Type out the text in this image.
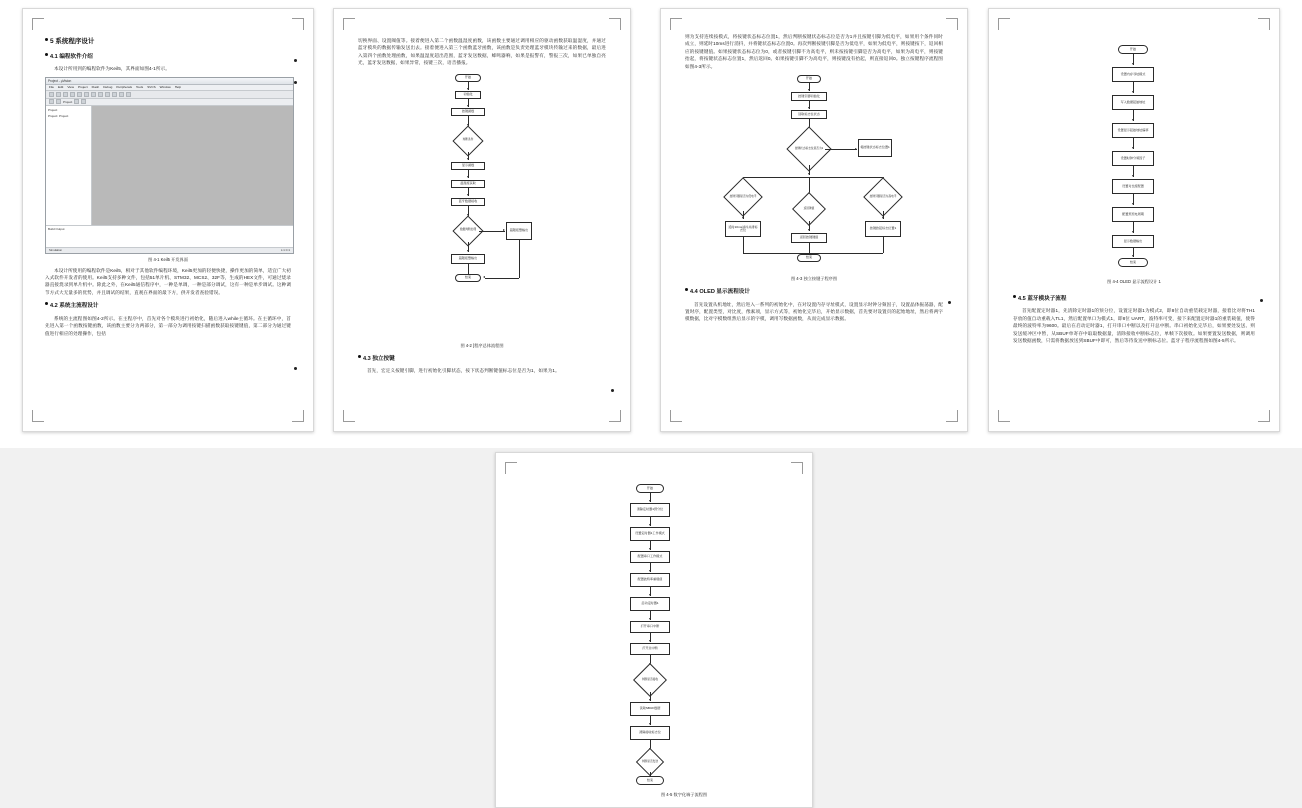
5 系统程序设计
4.1 编程软件介绍
本设计所用到的编程软件为Keil5，其界面如图4-1所示。
Project - µVision
File Edit View Project Flash Debug Peripherals Tools SVCS Window Help
Project
Project
Project: Project
Build Output
Simulation	L:1 C:1
图 4-1 Keil5 开发界面
本设计所使用的编程软件是Keil5，相对于其他软件编程环境，Keil5更加的轻便快捷，操作更加的简单，适宜广大初入式软件开发者的使用。Keil5支持多种文件，包括51单片机、STM32、MCS2、32F等，生成的HEX文件，可通过烧录器直接烧录到单片机中。除此之外，在Keil5通信程序中，一种是单调，一种是部分调试，这有一种是单步调试。这种调节方式大无量多的优势，并且调试的结果，直观在界面的最下方，供开发者查验错误。
4.2 系统主流程设计
系统的主流程图如图4-2所示。在主程序中，首先对各个模块进行初始化，随后进入while主循环。在主循环中，首先进入第一个函数按键函数，该函数主要分为两部分，第一部分为调用按键扫描函数获取按键键值，第二部分为通过键值进行相应的处理操作，包括
切换界面、设置阈值等。接着便进入第二个函数温湿度函数，该函数主要通过调用相应的驱动函数获取温湿度，并通过蓝牙模块的数据传输发送出去。接着便进入第三个函数蓝牙函数，该函数是负责处理蓝牙模块传输过来的数据，最后进入第四个函数处理函数，如果温湿度超出范围，蓝牙发送数据，蜂鸣器响，如果是报警有，警报三次，如果已单独自亮光，蓝牙发送数据，如果异常，按键三次，语音播报。
开始
初始化
按键函数
判断条件
显示函数
温湿度获取
蓝牙数据接收
数据判断处理	超限报警输出
超限报警输出
结束
图 4-2 [程序总体流程图
4.3 独立按键
首先，宏定义按键引脚，进行初始化引脚状态，按下状态判断键值标志位是否为1，如果为1。
则为支持连续按模式，将按键状态标志位置1，然后判断按键状态标志位是否为1并且按键引脚为低电平，如果用个条件同时成立，则延时10ms进行消抖，并将键状态标志位置0。再次判断按键引脚是否为低电平，如果为低电平，则按键按下，返回相应的按键键值。如果按键状态标志位为0，或者按键引脚不为高电平，则未按按键引脚是否为高电平，如果为高电平，则按键抬起，将按键状态标志位置1，然后返回0。如果按键引脚不为高电平，则按键没有抬起，则直接返回0。独立按键程序流程图如图4-3所示。
开始
按键引脚初始化
读取标志位状态
按键状态标志位是否为1	将按键状态标志位置1
按键引脚是否为低电平	按键引脚是否为高电平
延时10ms消抖并清标志位	按键抬起标志位置1
返回键值
返回按键键值
结束
图 4-3 独立按键子程序图
4.4 OLED 显示流程设计
首先设置从机地址，然后进入一系列的初始化中，在对设置内存寻址模式，设置显示时钟分频因子，设置晶体振荡器，配置时序，配置类型，对比度，像素项，显示方式等，初始化完毕后，开始显示数据，首先要对设置页的起始地址，然后将两字模数据，比对字模数组然后显示的字模，调用写数据函数，从而完成显示数据。
开始
设置内存寻址模式
写入数据起始地址
设置显示起始地址偏移
设置时钟分频因子
设置对比度配置
配置预充电周期
显示数据输出
结束
图 4-4 OLED 显示流程设计 1
4.5 蓝牙模块子流程
首先配置定时器1，先清除定时器1的预分位，设置定时器1为模式2，即8位自动重装载定时器，接着比对将TH1存放的值自动重载入TL1，然后配置单口为模式1，即8位 UART，波特率可变，接下来配置定时器1的重装载值，使得最终的波特率为9600。最后在启动定时器1，打开串口中断以及打开总中断。串口初始化完毕后，如果要处发送、则发送缓冲区中暂，从SBUF单寄存中取取数据量，清除接收中断标志位，单帧下次接收。如果要置发送数据，则调用发送数据函数，只需将数据放送到SBUF中即可，然后等待发送中断标志位。蓝牙子程序流程图如图4-5所示。
开始
清除定时器1预分位
设置定时器1工作模式
配置串口工作模式
配置波特率重载值
启动定时器1
打开串口中断
打开总中断
判断是否接收
读取SBUF数据
清除接收标志位
判断是否发送
结束
图 4-5 数字化端子流程图
